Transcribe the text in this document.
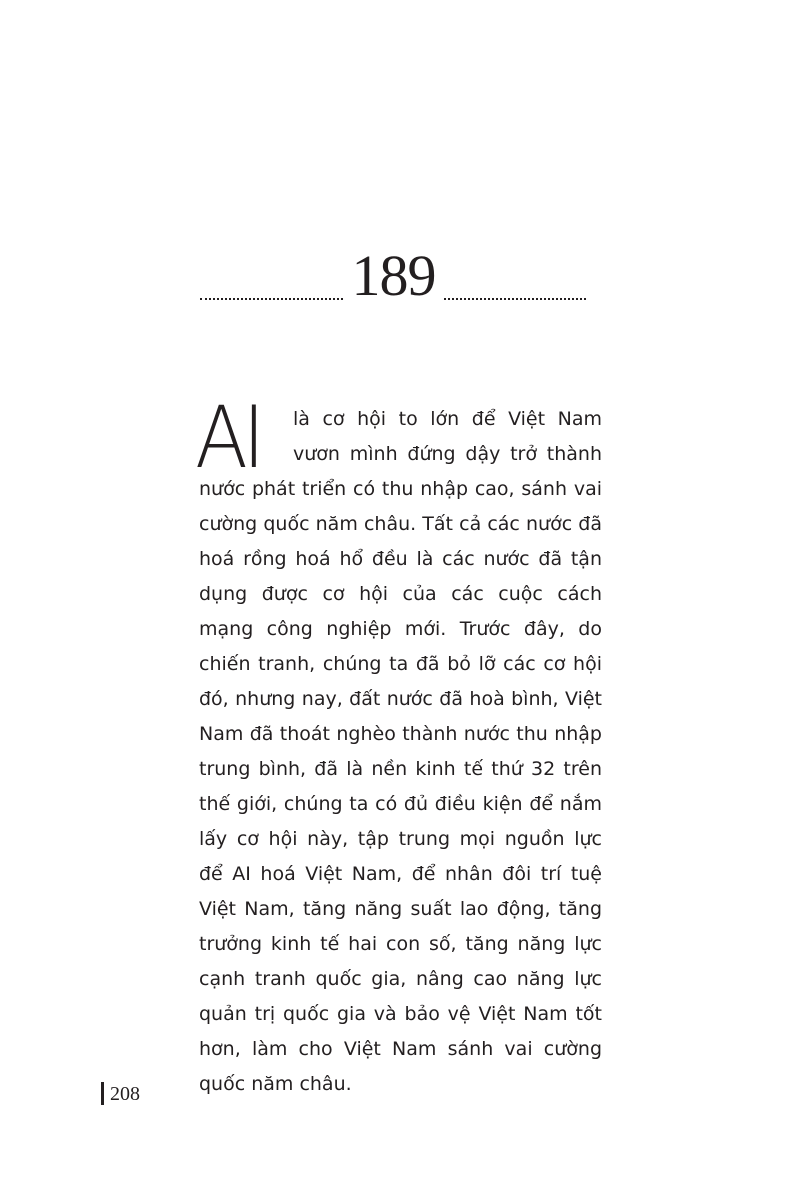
189

AI	là cơ hội to lớn để Việt Nam vươn mình đứng dậy trở thành nước phát triển có thu nhập cao, sánh vai cường quốc năm châu. Tất cả các nước đã hoá rồng hoá hổ đều là các nước đã tận dụng được cơ hội của các cuộc cách mạng công nghiệp mới. Trước đây, do chiến tranh, chúng ta đã bỏ lỡ các cơ hội đó, nhưng nay, đất nước đã hoà bình, Việt Nam đã thoát nghèo thành nước thu nhập trung bình, đã là nền kinh tế thứ 32 trên thế giới, chúng ta có đủ điều kiện để nắm lấy cơ hội này, tập trung mọi nguồn lực để AI hoá Việt Nam, để nhân đôi trí tuệ Việt Nam, tăng năng suất lao động, tăng trưởng kinh tế hai con số, tăng năng lực cạnh tranh quốc gia, nâng cao năng lực quản trị quốc gia và bảo vệ Việt Nam tốt hơn, làm cho Việt Nam sánh vai cường quốc năm châu.

208
